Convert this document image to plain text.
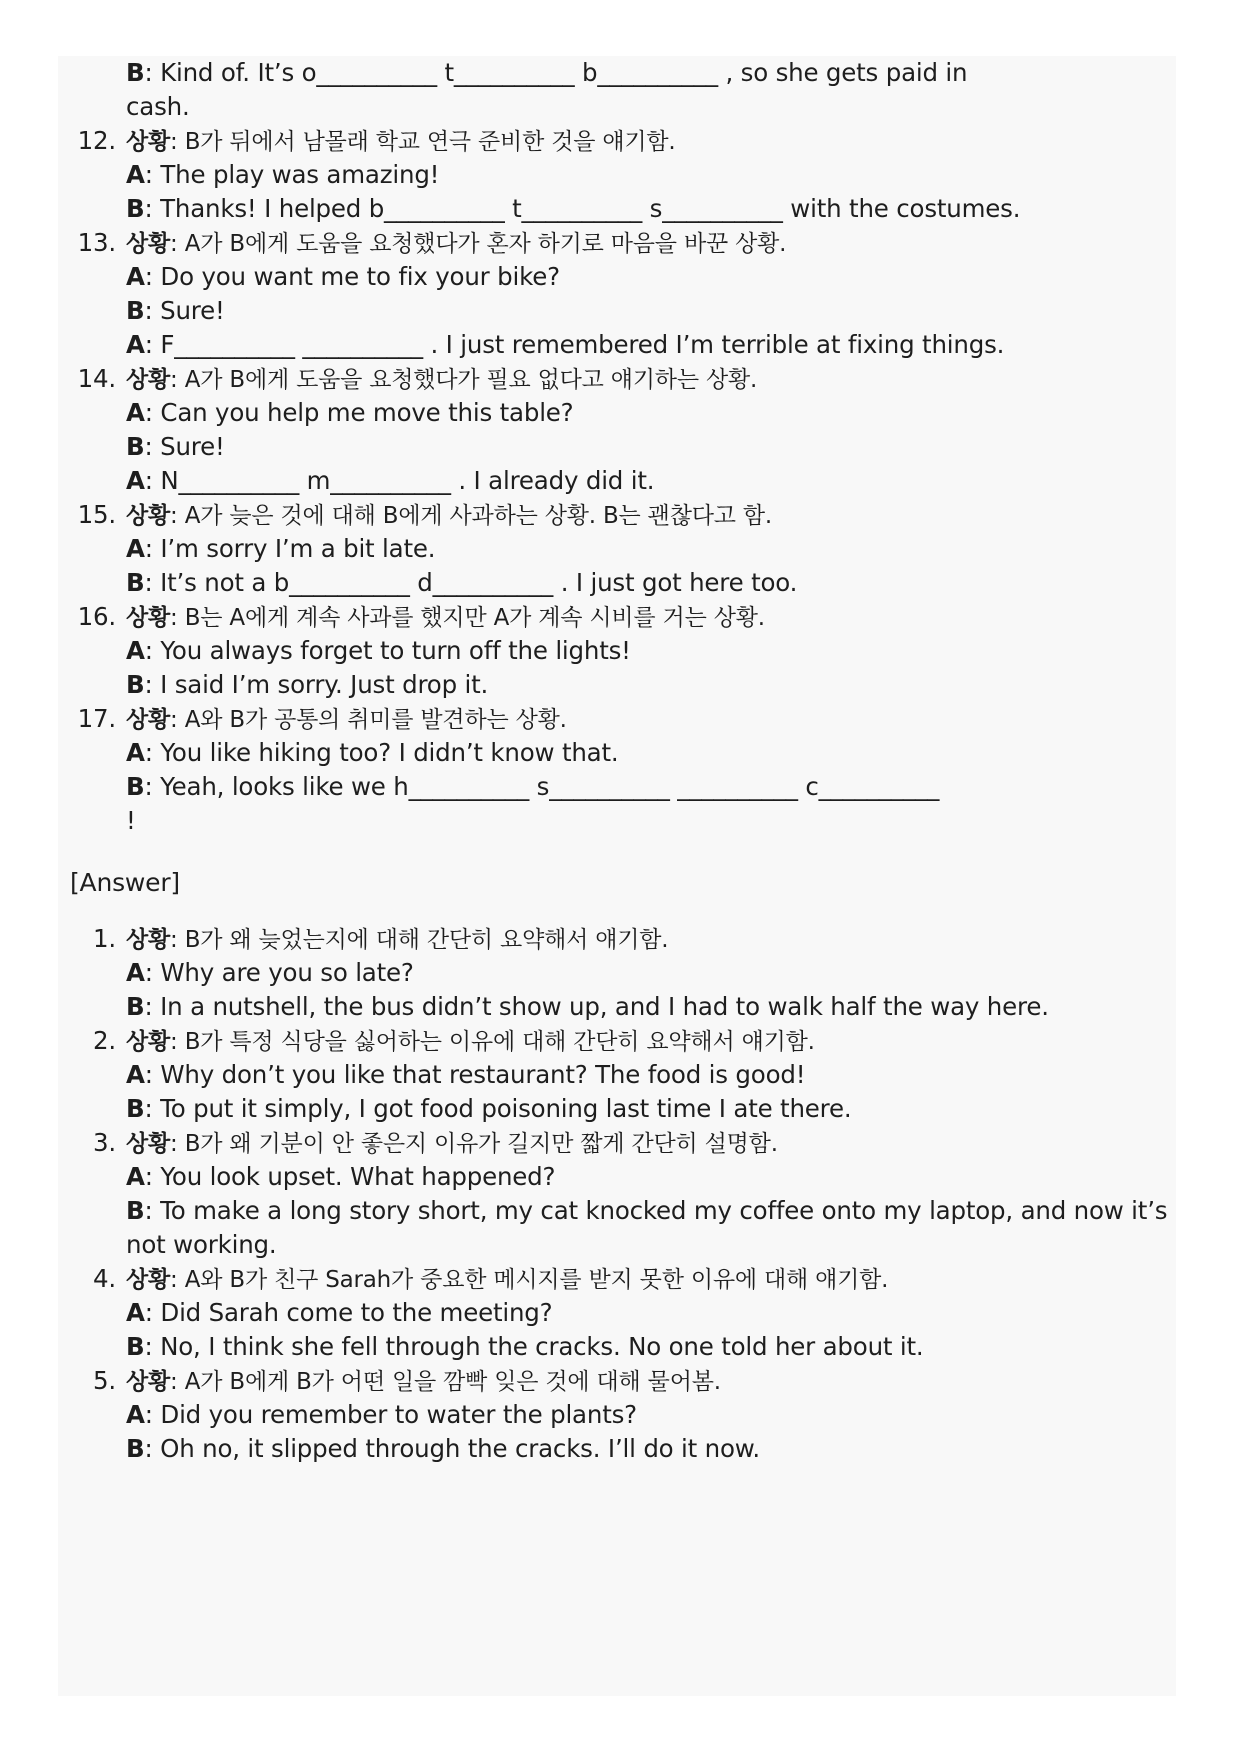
B: Kind of. It’s o__________ t__________ b__________ , so she gets paid in
cash.
12. 상황: B가 뒤에서 남몰래 학교 연극 준비한 것을 얘기함.
A: The play was amazing!
B: Thanks! I helped b__________ t__________ s__________ with the costumes.
13. 상황: A가 B에게 도움을 요청했다가 혼자 하기로 마음을 바꾼 상황.
A: Do you want me to fix your bike?
B: Sure!
A: F__________ __________ . I just remembered I’m terrible at fixing things.
14. 상황: A가 B에게 도움을 요청했다가 필요 없다고 얘기하는 상황.
A: Can you help me move this table?
B: Sure!
A: N__________ m__________ . I already did it.
15. 상황: A가 늦은 것에 대해 B에게 사과하는 상황. B는 괜찮다고 함.
A: I’m sorry I’m a bit late.
B: It’s not a b__________ d__________ . I just got here too.
16. 상황: B는 A에게 계속 사과를 했지만 A가 계속 시비를 거는 상황.
A: You always forget to turn off the lights!
B: I said I’m sorry. Just drop it.
17. 상황: A와 B가 공통의 취미를 발견하는 상황.
A: You like hiking too? I didn’t know that.
B: Yeah, looks like we h__________ s__________ __________ c__________
!
[Answer]
1. 상황: B가 왜 늦었는지에 대해 간단히 요약해서 얘기함.
A: Why are you so late?
B: In a nutshell, the bus didn’t show up, and I had to walk half the way here.
2. 상황: B가 특정 식당을 싫어하는 이유에 대해 간단히 요약해서 얘기함.
A: Why don’t you like that restaurant? The food is good!
B: To put it simply, I got food poisoning last time I ate there.
3. 상황: B가 왜 기분이 안 좋은지 이유가 길지만 짧게 간단히 설명함.
A: You look upset. What happened?
B: To make a long story short, my cat knocked my coffee onto my laptop, and now it’s
not working.
4. 상황: A와 B가 친구 Sarah가 중요한 메시지를 받지 못한 이유에 대해 얘기함.
A: Did Sarah come to the meeting?
B: No, I think she fell through the cracks. No one told her about it.
5. 상황: A가 B에게 B가 어떤 일을 깜빡 잊은 것에 대해 물어봄.
A: Did you remember to water the plants?
B: Oh no, it slipped through the cracks. I’ll do it now.
